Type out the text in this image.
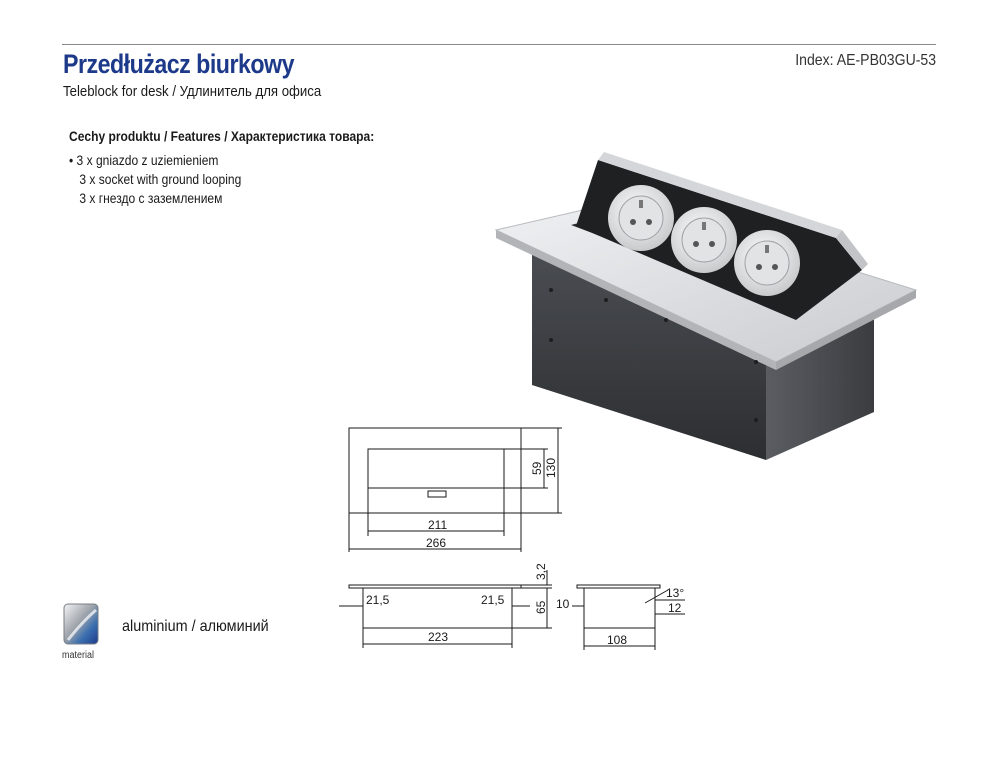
Przedłużacz biurkowy
Teleblock for desk / Удлинитель для офиса
Index: AE-PB03GU-53
Cechy produktu / Features / Характеристика товара:
• 3 x gniazdo z uziemieniem
3 x socket with ground looping
3 x гнездо с заземлением
211
266
59 130
3,2
21,5	21,5
65
223
10
13°
12
108
material
aluminium / алюминий
